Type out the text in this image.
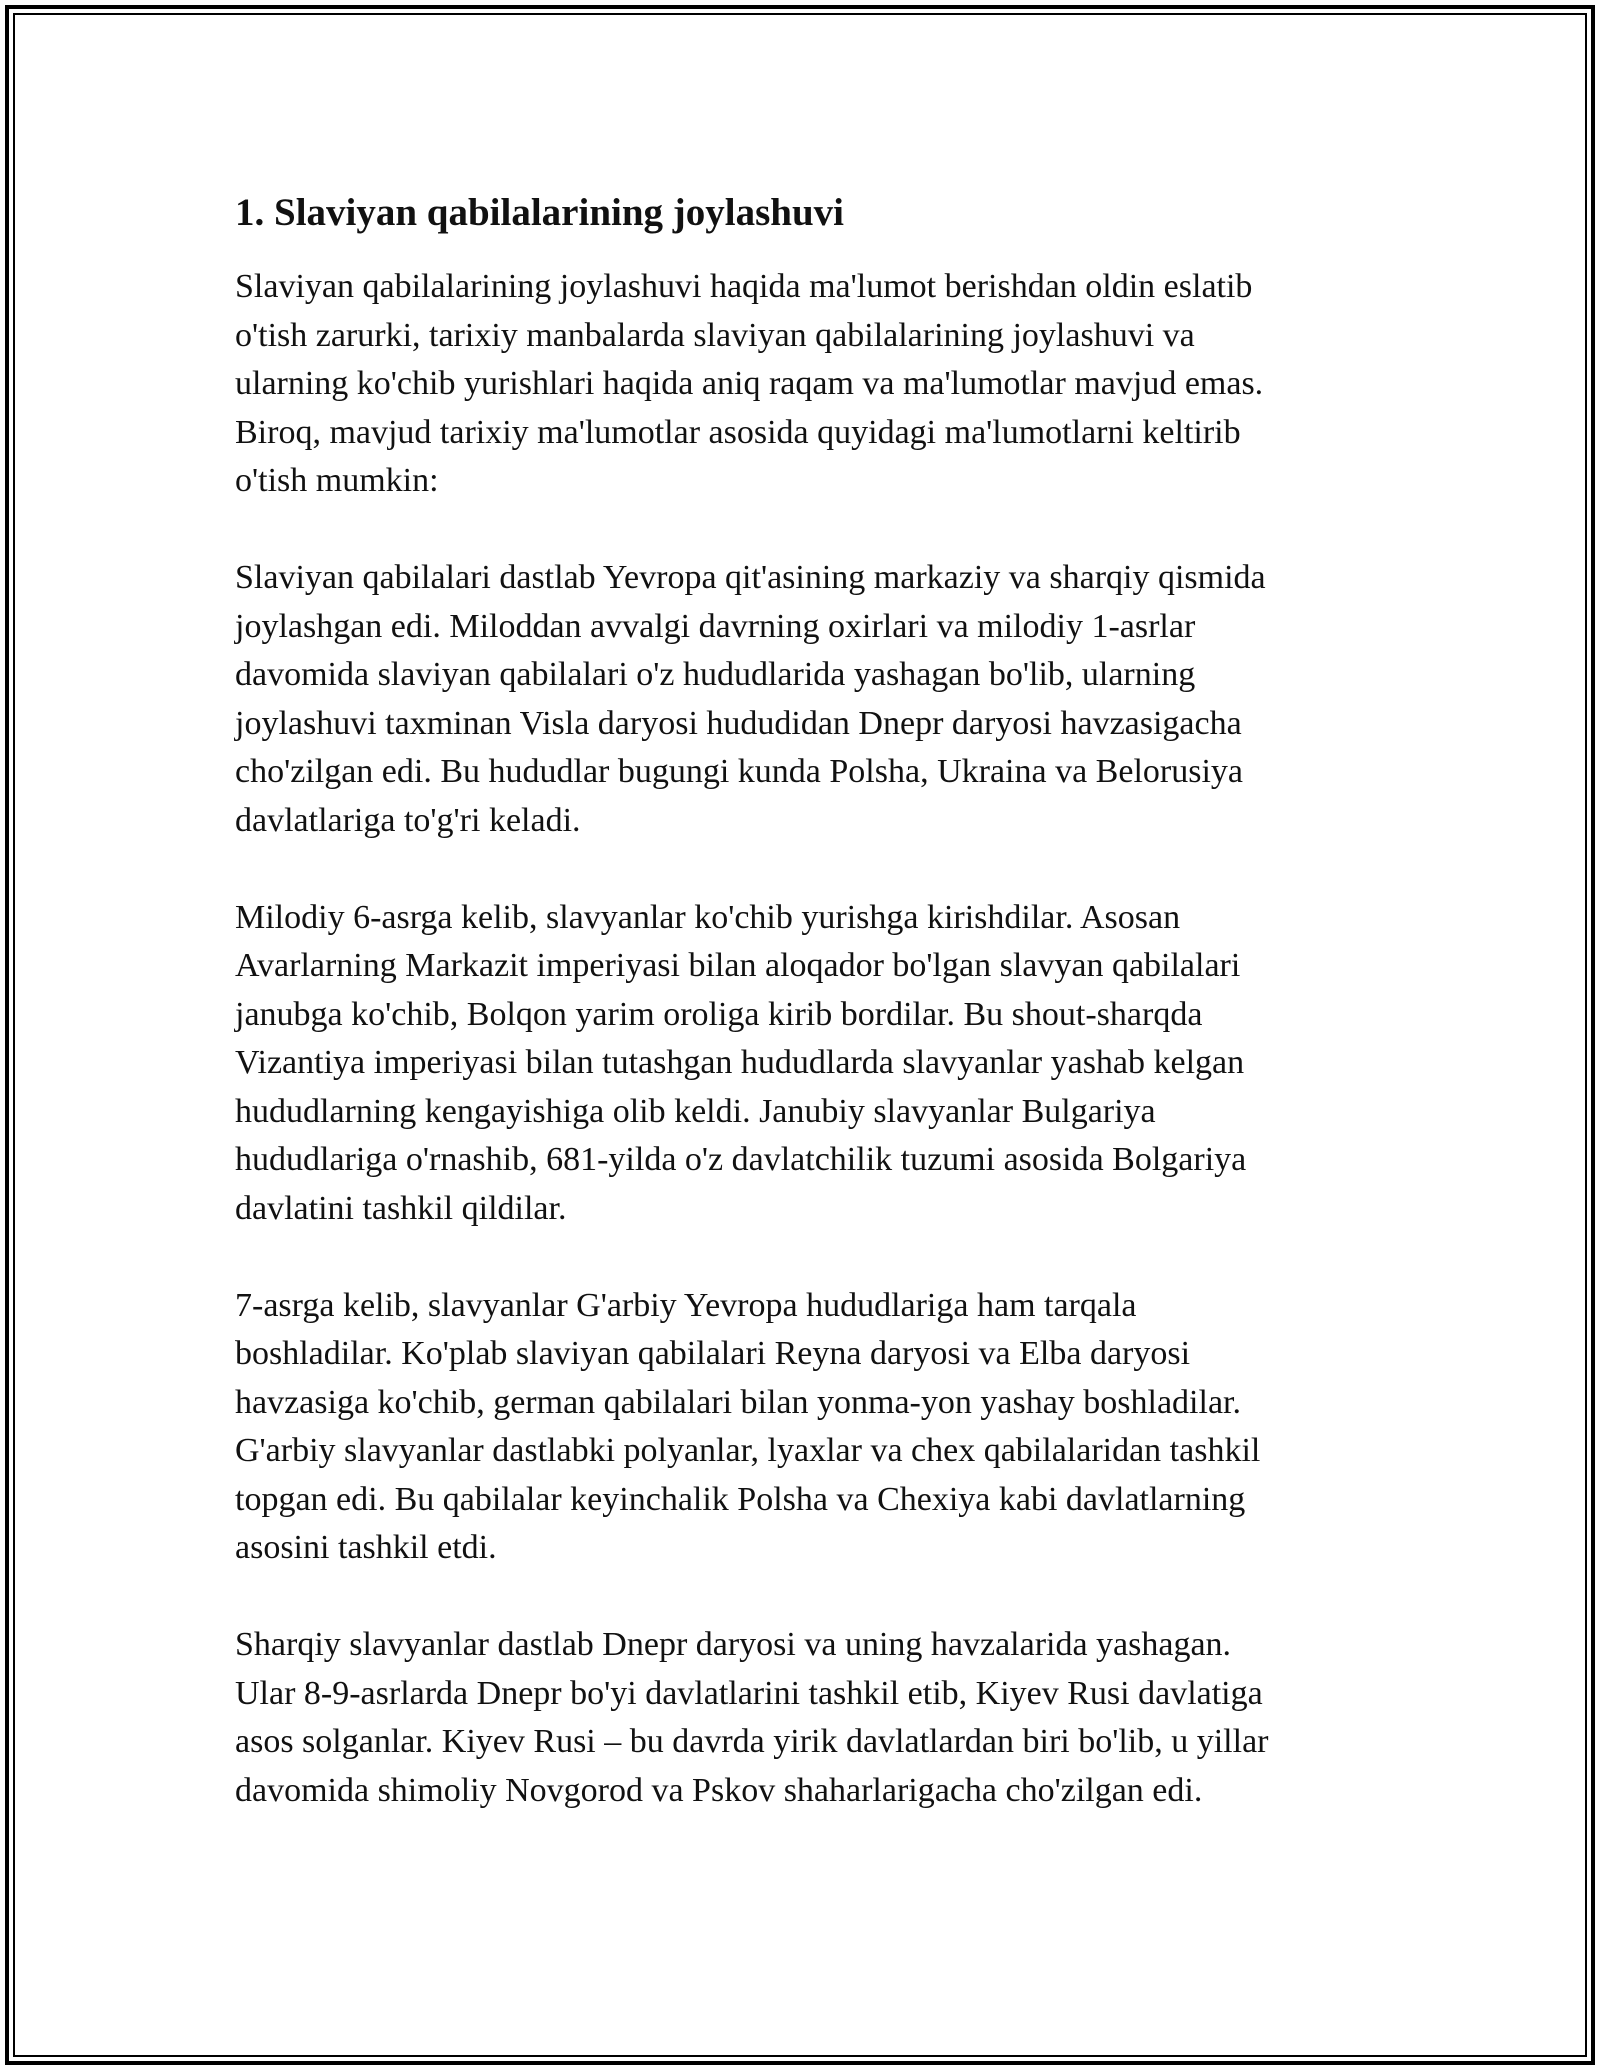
1. Slaviyan qabilalarining joylashuvi

Slaviyan qabilalarining joylashuvi haqida ma'lumot berishdan oldin eslatib
o'tish zarurki, tarixiy manbalarda slaviyan qabilalarining joylashuvi va
ularning ko'chib yurishlari haqida aniq raqam va ma'lumotlar mavjud emas.
Biroq, mavjud tarixiy ma'lumotlar asosida quyidagi ma'lumotlarni keltirib
o'tish mumkin:

Slaviyan qabilalari dastlab Yevropa qit'asining markaziy va sharqiy qismida
joylashgan edi. Miloddan avvalgi davrning oxirlari va milodiy 1-asrlar
davomida slaviyan qabilalari o'z hududlarida yashagan bo'lib, ularning
joylashuvi taxminan Visla daryosi hududidan Dnepr daryosi havzasigacha
cho'zilgan edi. Bu hududlar bugungi kunda Polsha, Ukraina va Belorusiya
davlatlariga to'g'ri keladi.

Milodiy 6-asrga kelib, slavyanlar ko'chib yurishga kirishdilar. Asosan
Avarlarning Markazit imperiyasi bilan aloqador bo'lgan slavyan qabilalari
janubga ko'chib, Bolqon yarim oroliga kirib bordilar. Bu shout-sharqda
Vizantiya imperiyasi bilan tutashgan hududlarda slavyanlar yashab kelgan
hududlarning kengayishiga olib keldi. Janubiy slavyanlar Bulgariya
hududlariga o'rnashib, 681-yilda o'z davlatchilik tuzumi asosida Bolgariya
davlatini tashkil qildilar.

7-asrga kelib, slavyanlar G'arbiy Yevropa hududlariga ham tarqala
boshladilar. Ko'plab slaviyan qabilalari Reyna daryosi va Elba daryosi
havzasiga ko'chib, german qabilalari bilan yonma-yon yashay boshladilar.
G'arbiy slavyanlar dastlabki polyanlar, lyaxlar va chex qabilalaridan tashkil
topgan edi. Bu qabilalar keyinchalik Polsha va Chexiya kabi davlatlarning
asosini tashkil etdi.

Sharqiy slavyanlar dastlab Dnepr daryosi va uning havzalarida yashagan.
Ular 8-9-asrlarda Dnepr bo'yi davlatlarini tashkil etib, Kiyev Rusi davlatiga
asos solganlar. Kiyev Rusi – bu davrda yirik davlatlardan biri bo'lib, u yillar
davomida shimoliy Novgorod va Pskov shaharlarigacha cho'zilgan edi.
